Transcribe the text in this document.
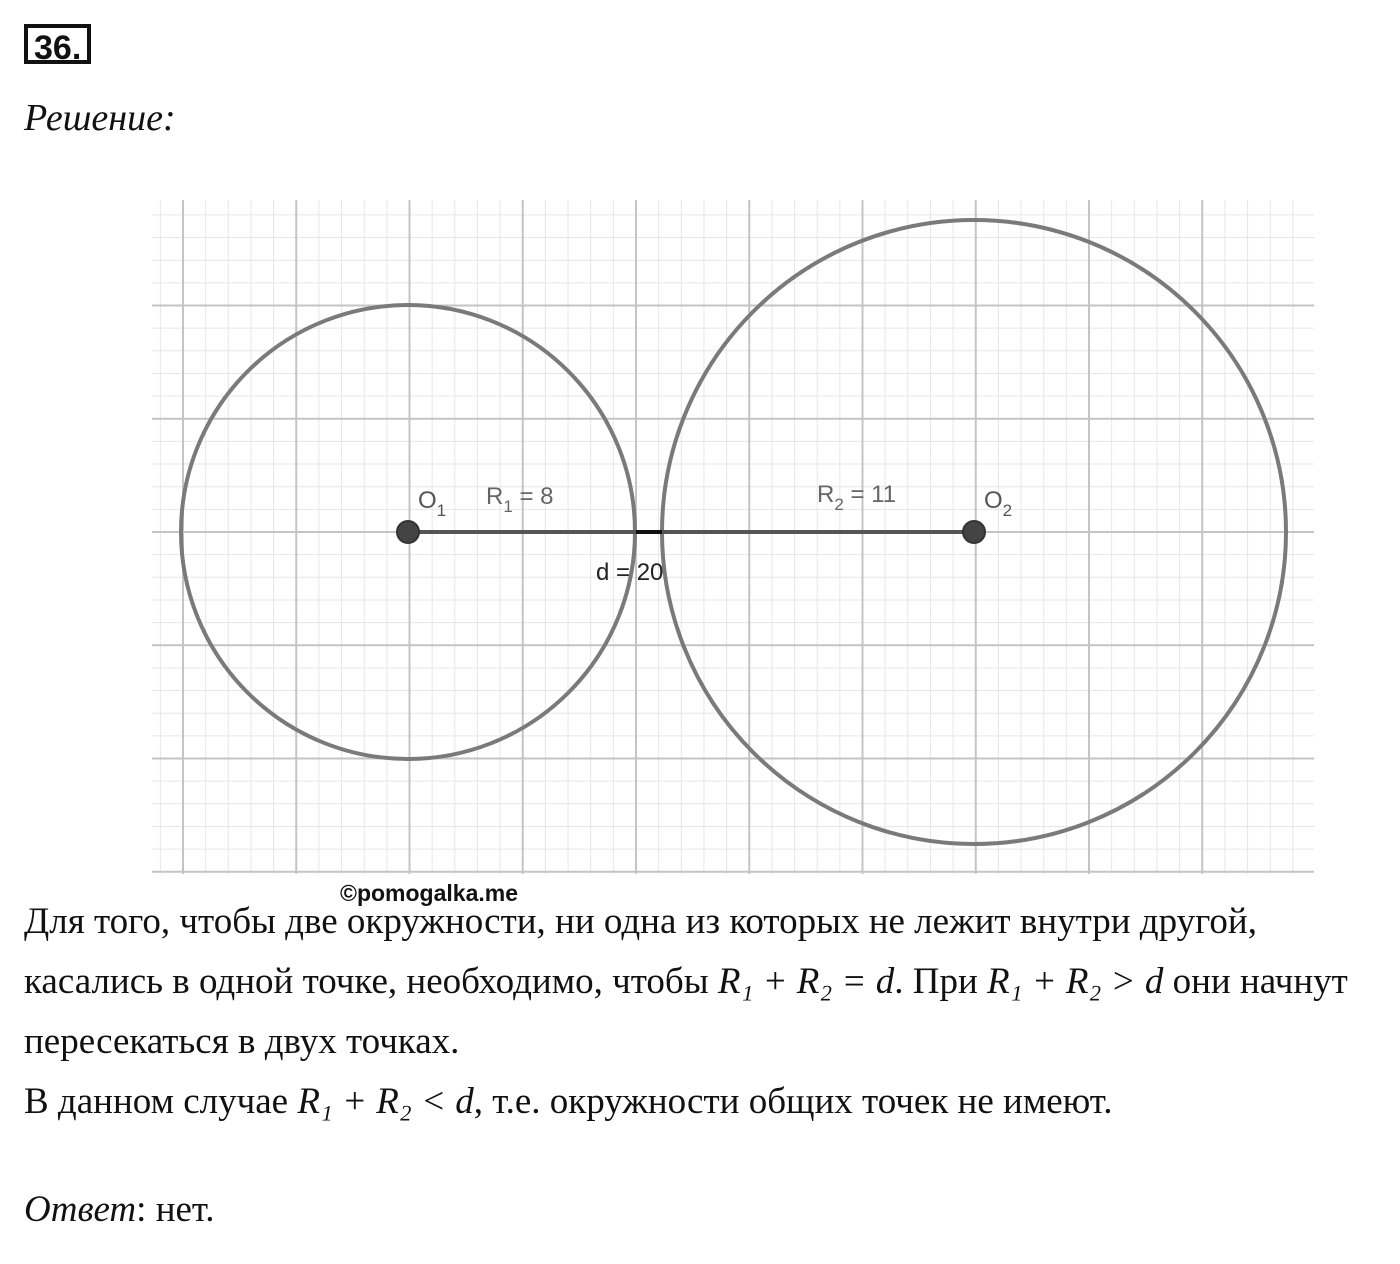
36.
Решение:
$O_1$	$O_2$
$R_1 = 8$	$R_2 = 11$
d = 20
©pomogalka.me

Для того, чтобы две окружности, ни одна из которых не лежит внутри другой, касались в одной точке, необходимо, чтобы R₁ + R₂ = d. При R₁ + R₂ > d они начнут пересекаться в двух точках.

В данном случае R₁ + R₂ < d, т.е. окружности общих точек не имеют.

Ответ: нет.
